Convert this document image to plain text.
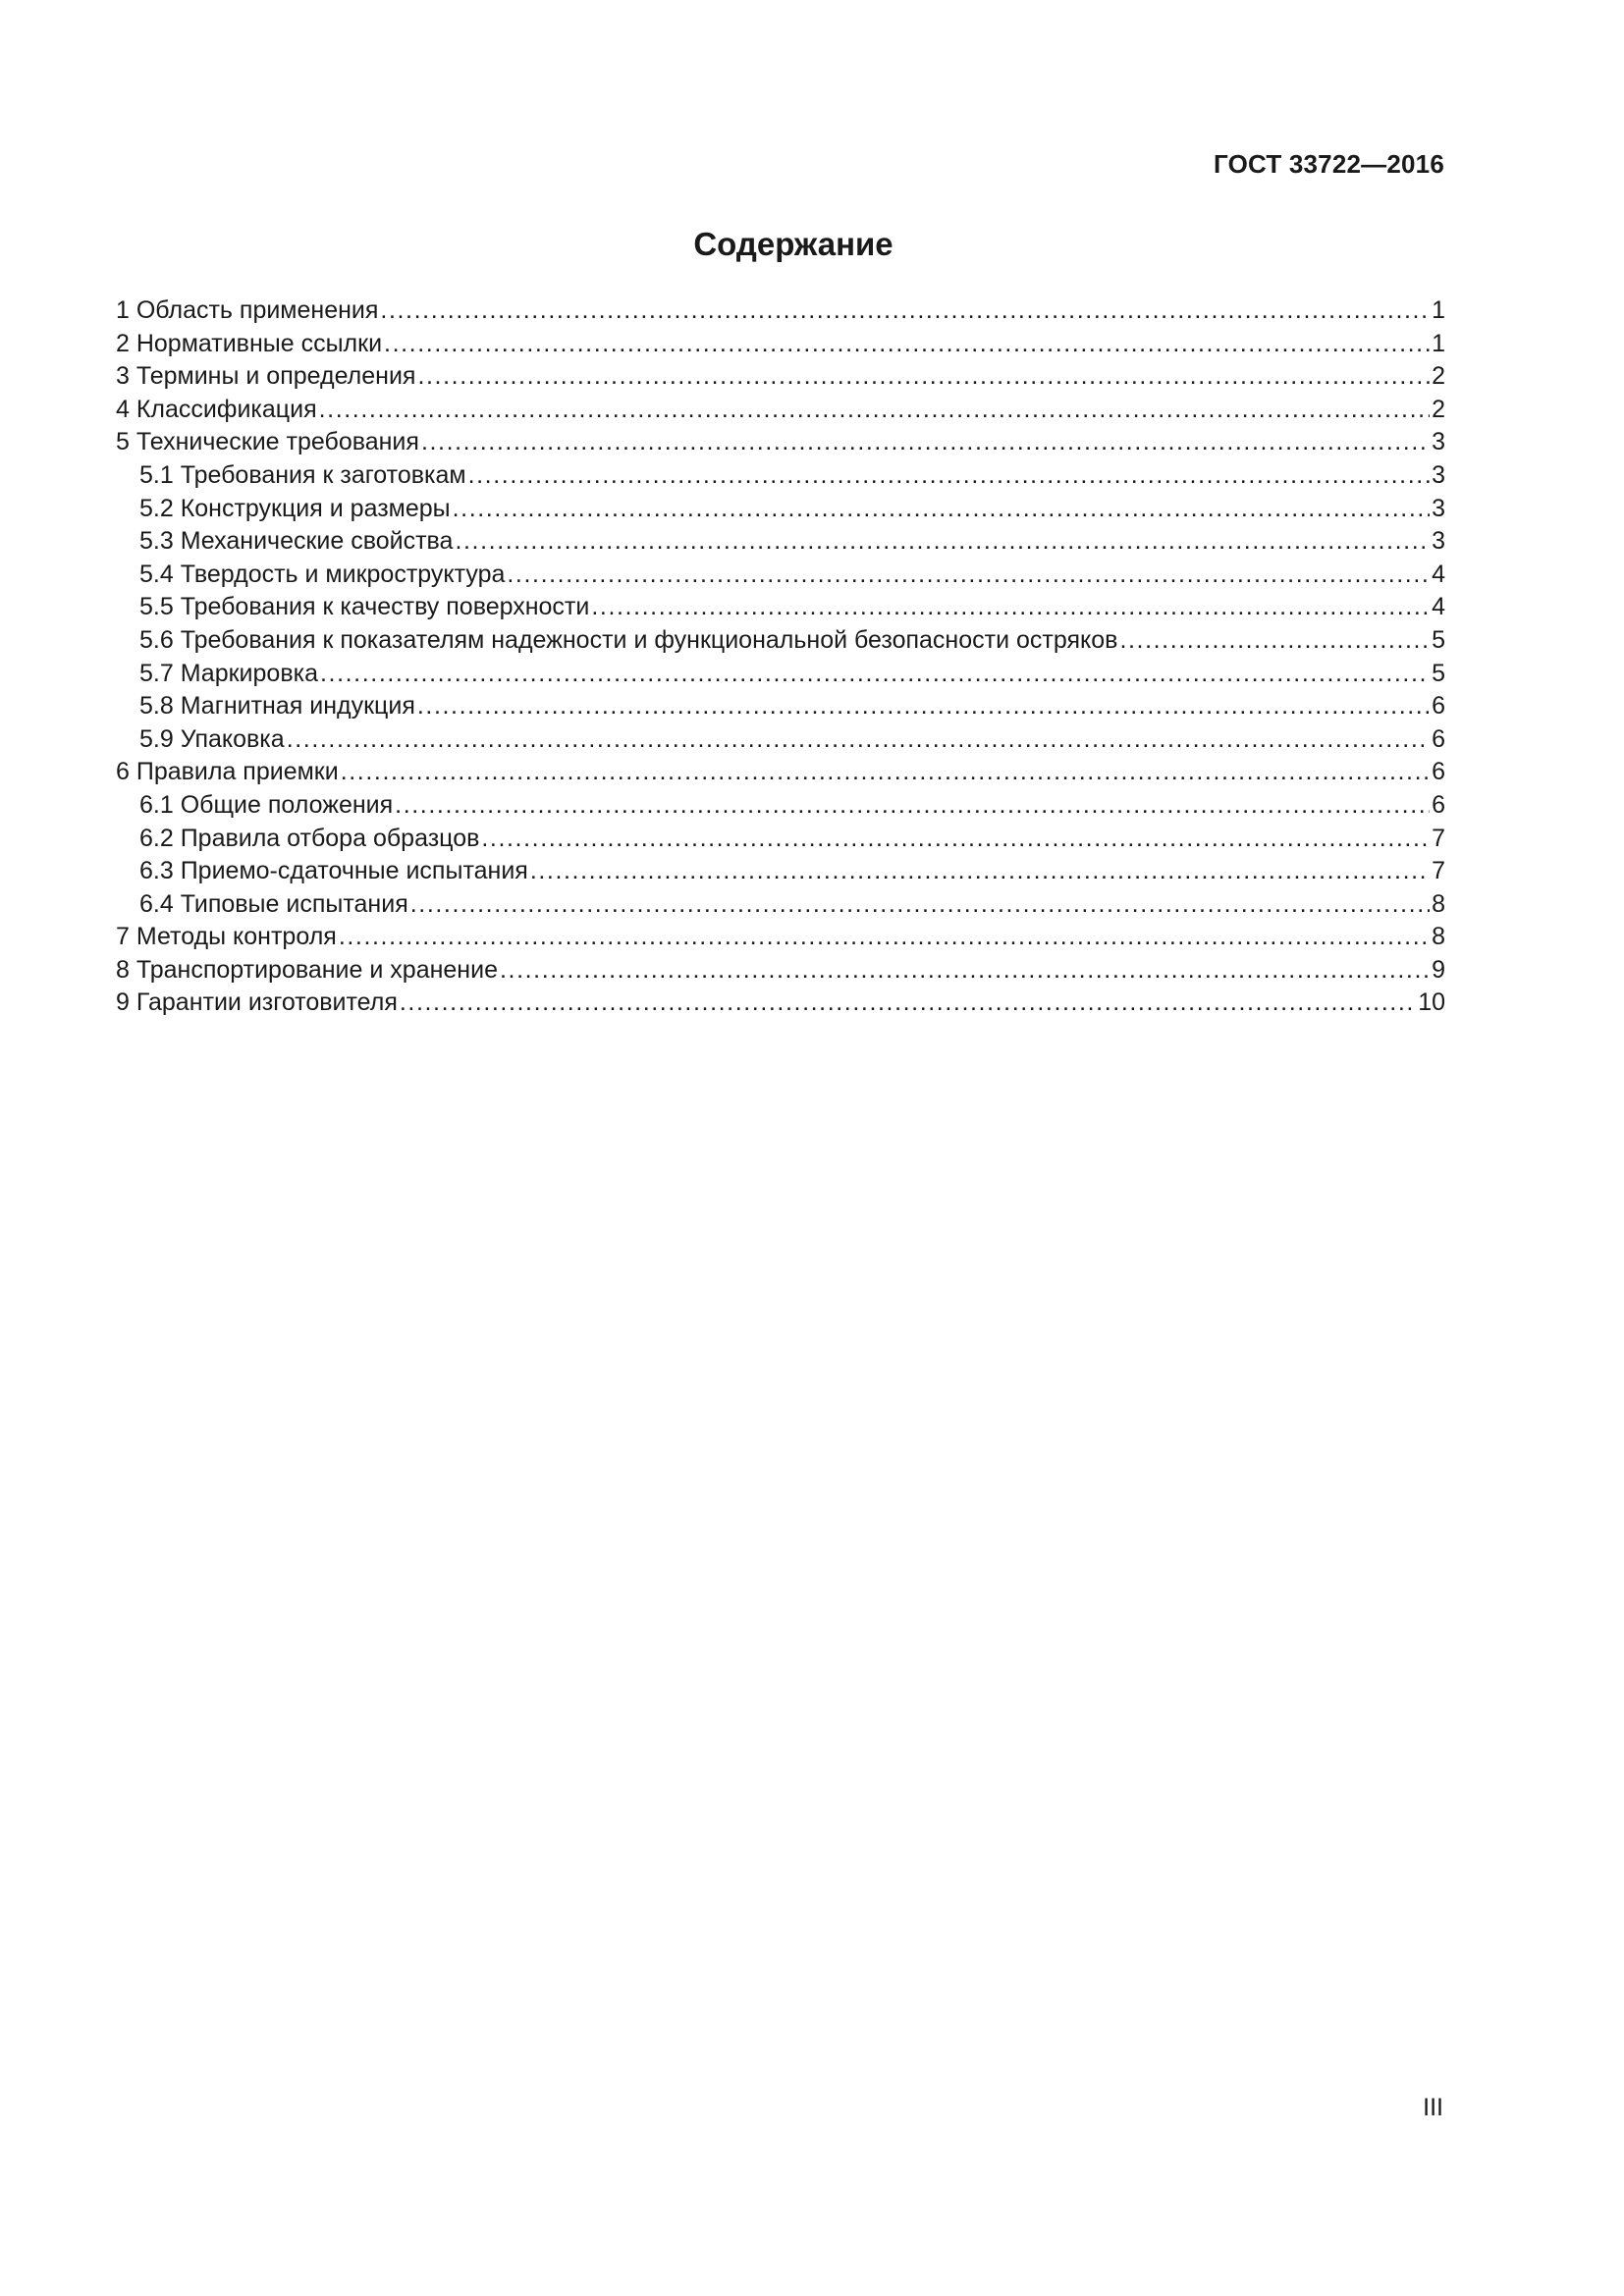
ГОСТ 33722—2016
Содержание
1 Область применения .....	1
2 Нормативные ссылки .....	1
3 Термины и определения .....	2
4 Классификация .....	2
5 Технические требования .....	3
5.1 Требования к заготовкам .....	3
5.2 Конструкция и размеры .....	3
5.3 Механические свойства .....	3
5.4 Твердость и микроструктура .....	4
5.5 Требования к качеству поверхности .....	4
5.6 Требования к показателям надежности и функциональной безопасности остряков .....	5
5.7 Маркировка .....	5
5.8 Магнитная индукция .....	6
5.9 Упаковка .....	6
6 Правила приемки .....	6
6.1 Общие положения .....	6
6.2 Правила отбора образцов .....	7
6.3 Приемо-сдаточные испытания .....	7
6.4 Типовые испытания .....	8
7 Методы контроля .....	8
8 Транспортирование и хранение .....	9
9 Гарантии изготовителя .....	10
III
